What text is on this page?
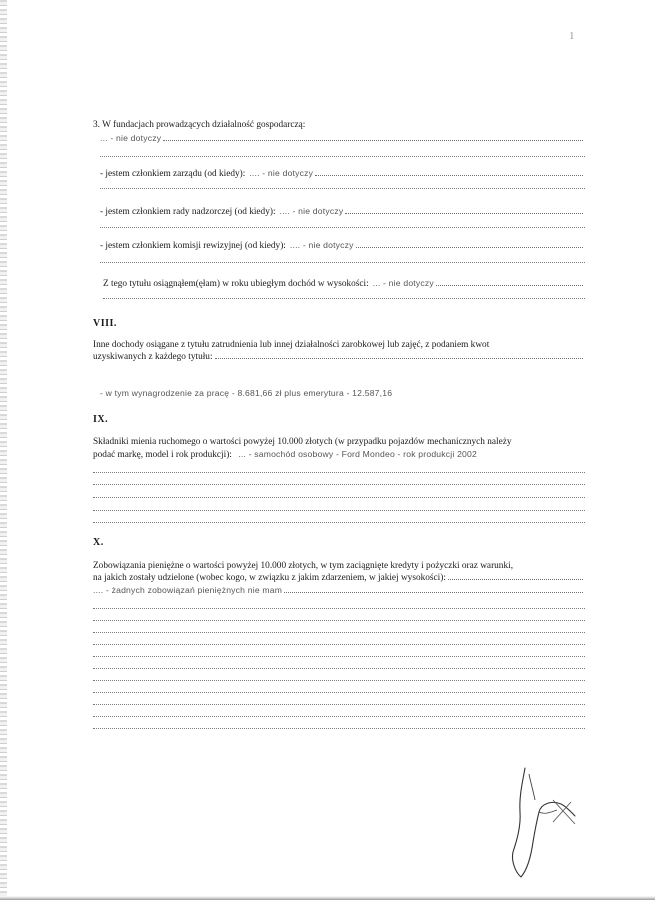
1
3. W fundacjach prowadzących działalność gospodarczą:
... - nie dotyczy
- jestem członkiem zarządu (od kiedy): .... - nie dotyczy
- jestem członkiem rady nadzorczej (od kiedy): .... - nie dotyczy
- jestem członkiem komisji rewizyjnej (od kiedy): .... - nie dotyczy
Z tego tytułu osiągnąłem(ęłam) w roku ubiegłym dochód w wysokości: ... - nie dotyczy
VIII.
Inne dochody osiągane z tytułu zatrudnienia lub innej działalności zarobkowej lub zajęć, z podaniem kwot
uzyskiwanych z każdego tytułu:
- w tym wynagrodzenie za pracę - 8.681,66 zł plus emerytura - 12.587,16
IX.
Składniki mienia ruchomego o wartości powyżej 10.000 złotych (w przypadku pojazdów mechanicznych należy
podać markę, model i rok produkcji): ... - samochód osobowy - Ford Mondeo - rok produkcji 2002
X.
Zobowiązania pieniężne o wartości powyżej 10.000 złotych, w tym zaciągnięte kredyty i pożyczki oraz warunki,
na jakich zostały udzielone (wobec kogo, w związku z jakim zdarzeniem, w jakiej wysokości):
.... - żadnych zobowiązań pieniężnych nie mam
